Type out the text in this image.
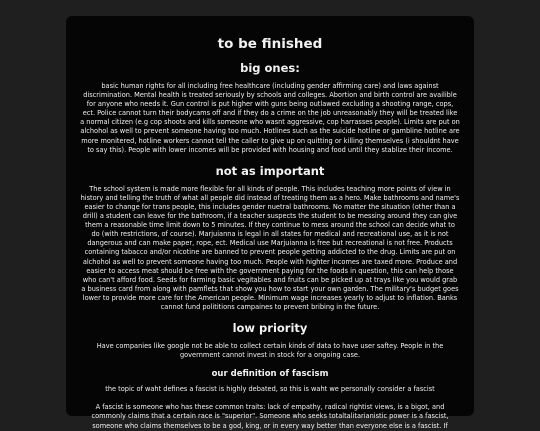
to be finished
big ones:

basic human rights for all including free healthcare (including gender affirming care) and laws against discrimination. Mental health is treated seriously by schools and colleges. Abortion and birth control are availible for anyone who needs it. Gun control is put higher with guns being outlawed excluding a shooting range, cops, ect. Police cannot turn their bodycams off and if they do a crime on the job unreasonably they will be treated like a normal citizen (e.g cop shoots and kills someone who wasnt aggressive, cop harrasses people). Limits are put on alchohol as well to prevent someone having too much. Hotlines such as the suicide hotline or gambline hotline are more monitered, hotline workers cannot tell the caller to give up on quitting or killing themselves (i shouldnt have to say this). People with lower incomes will be provided with housing and food until they stablize their income.

not as important

The school system is made more flexible for all kinds of people. This includes teaching more points of view in history and telling the truth of what all people did instead of treating them as a hero. Make bathrooms and name's easier to change for trans people, this includes gender nuetral bathrooms. No matter the situation (other than a drill) a student can leave for the bathroom, if a teacher suspects the student to be messing around they can give them a reasonable time limit down to 5 minutes. If they continue to mess around the school can decide what to do (with restrictions, of course). Marjuianna is legal in all states for medical and recreational use, as it is not dangerous and can make paper, rope, ect. Medical use Marjuianna is free but recreational is not free. Products containing tabacco and/or nicotine are banned to prevent people getting addicted to the drug. Limits are put on alchohol as well to prevent someone having too much. People with highter incomes are taxed more. Produce and easier to access meat should be free with the government paying for the foods in question, this can help those who can't afford food. Seeds for farming basic vegitables and fruits can be picked up at trays like you would grab a business card from along with pamflets that show you how to start your own garden. The military's budget goes lower to provide more care for the American people. Minimum wage increases yearly to adjust to inflation. Banks cannot fund polititions campaines to prevent bribing in the future.

low priority

Have companies like google not be able to collect certain kinds of data to have user saftey. People in the government cannot invest in stock for a ongoing case.

our definition of fascism

the topic of waht defines a fascist is highly debated, so this is waht we personally consider a fascist

A fascist is someone who has these common traits: lack of empathy, radical rightist views, is a bigot, and commonly claims that a certain race is "superior". Someone who seeks totaltalitarianistic power is a fascist, someone who claims themselves to be a god, king, or in every way better than everyone else is a fascist. If
